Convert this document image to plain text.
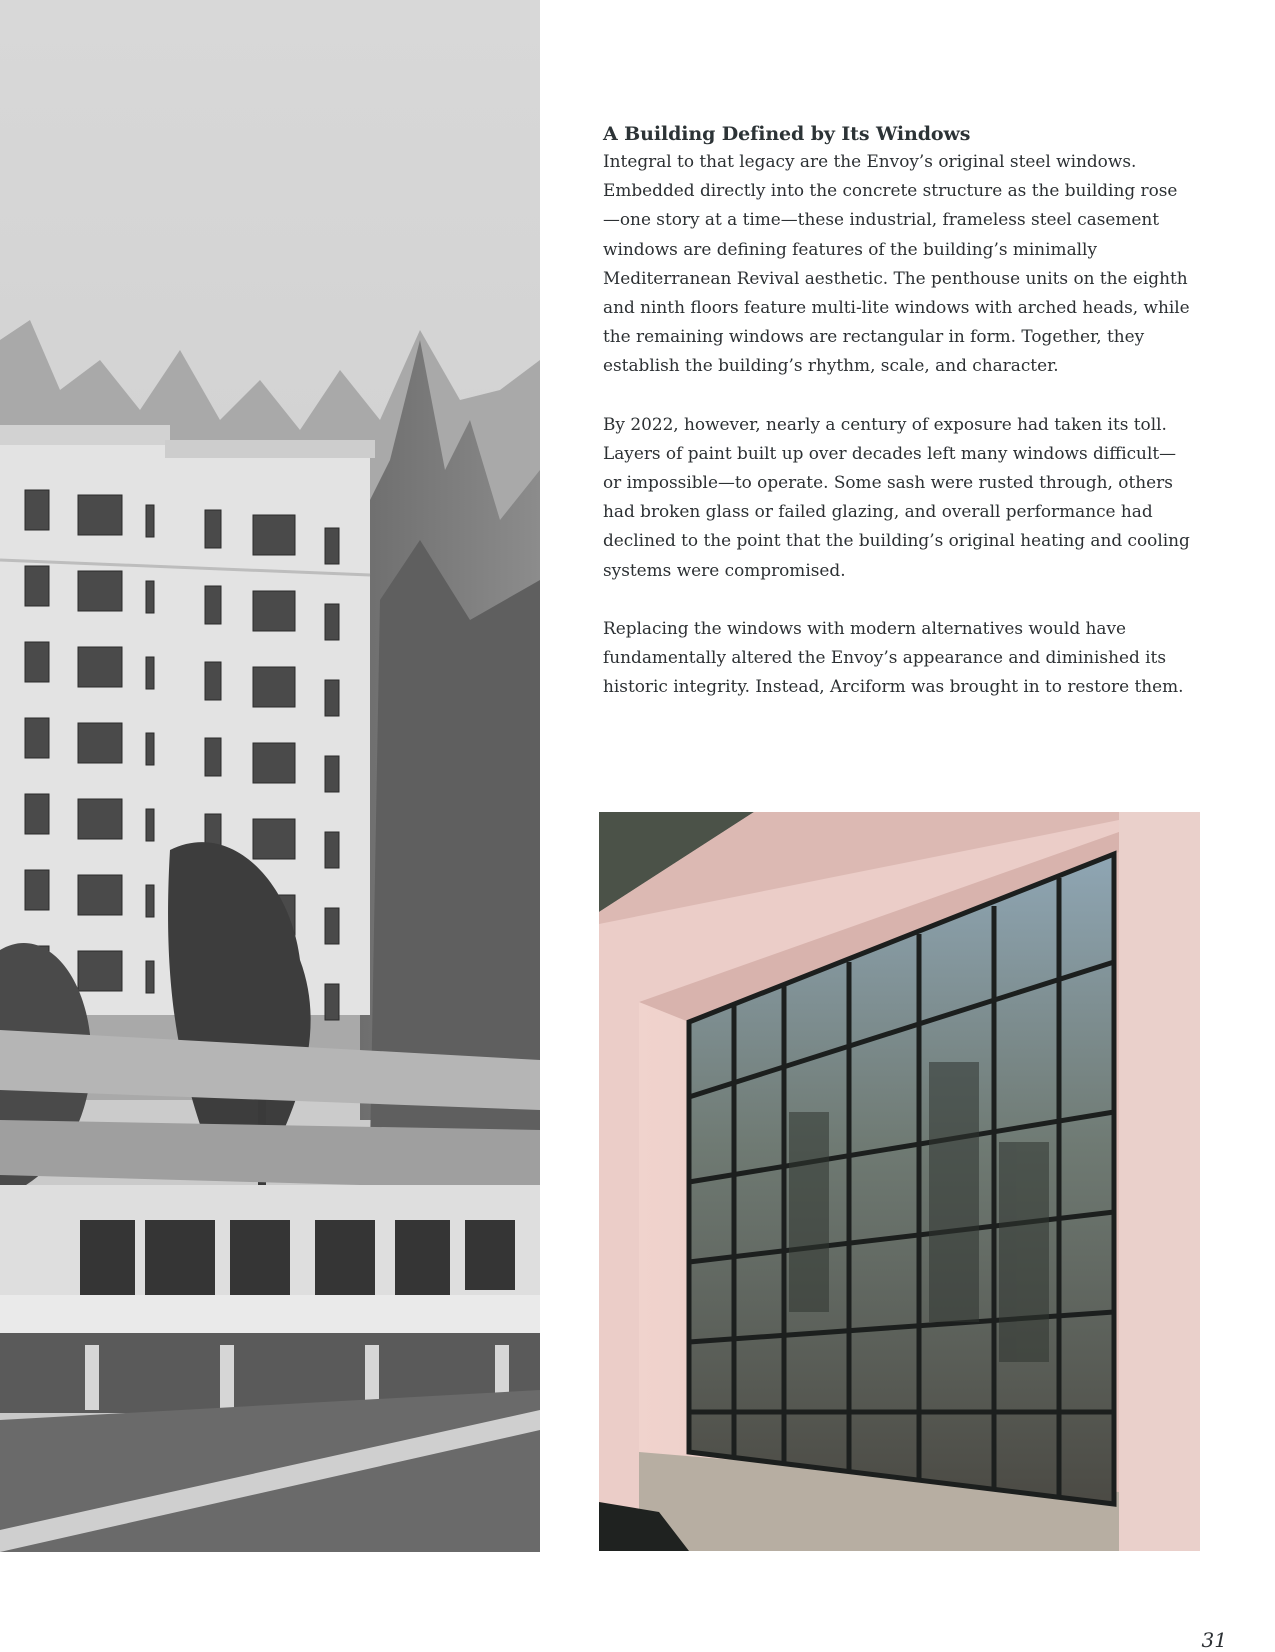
A Building Defined by Its Windows

Integral to that legacy are the Envoy’s original steel windows. Embedded directly into the concrete structure as the building rose—one story at a time—these industrial, frameless steel casement windows are defining features of the building’s minimally Mediterranean Revival aesthetic. The penthouse units on the eighth and ninth floors feature multi-lite windows with arched heads, while the remaining windows are rectangular in form. Together, they establish the building’s rhythm, scale, and character.

By 2022, however, nearly a century of exposure had taken its toll. Layers of paint built up over decades left many windows difficult—or impossible—to operate. Some sash were rusted through, others had broken glass or failed glazing, and overall performance had declined to the point that the building’s original heating and cooling systems were compromised.

Replacing the windows with modern alternatives would have fundamentally altered the Envoy’s appearance and diminished its historic integrity. Instead, Arciform was brought in to restore them.

31
